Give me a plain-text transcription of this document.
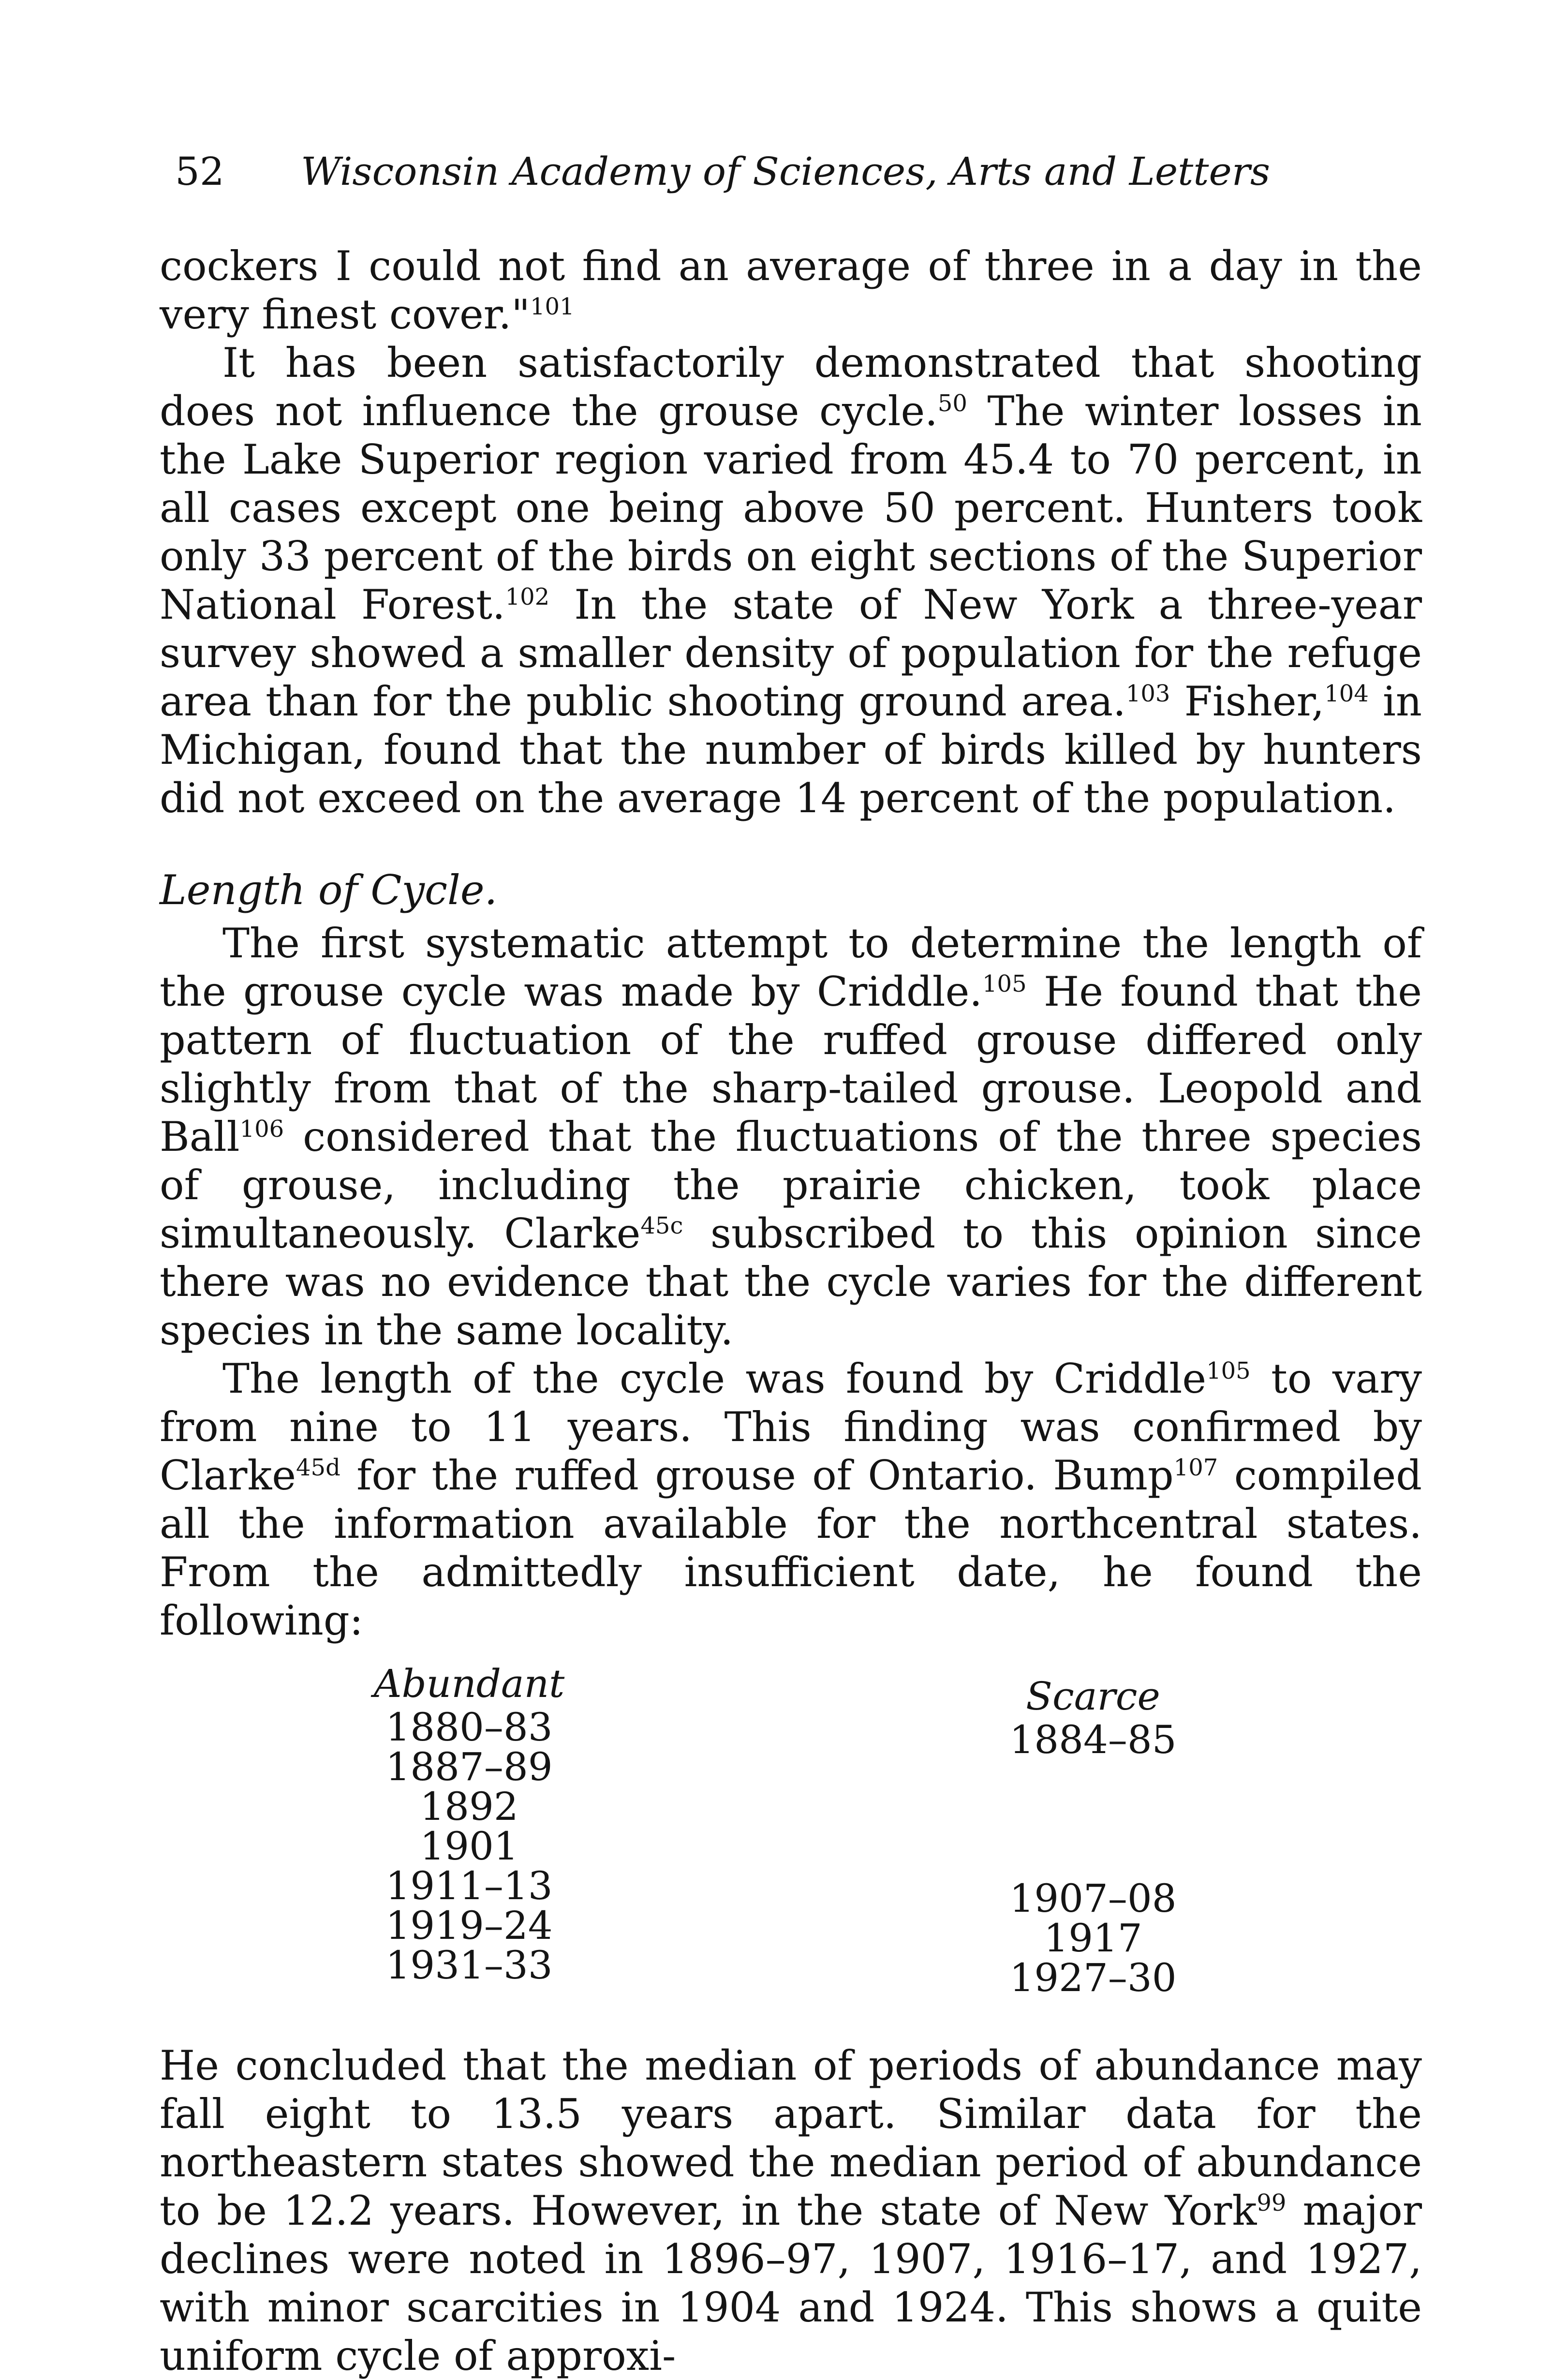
52 Wisconsin Academy of Sciences, Arts and Letters

cockers I could not find an average of three in a day in the very finest cover."$^{101}$

It has been satisfactorily demonstrated that shooting does not influence the grouse cycle.$^{50}$ The winter losses in the Lake Superior region varied from 45.4 to 70 percent, in all cases except one being above 50 percent. Hunters took only 33 percent of the birds on eight sections of the Superior National Forest.$^{102}$ In the state of New York a three-year survey showed a smaller density of population for the refuge area than for the public shooting ground area.$^{103}$ Fisher,$^{104}$ in Michigan, found that the number of birds killed by hunters did not exceed on the average 14 percent of the population.

Length of Cycle.

The first systematic attempt to determine the length of the grouse cycle was made by Criddle.$^{105}$ He found that the pattern of fluctuation of the ruffed grouse differed only slightly from that of the sharp-tailed grouse. Leopold and Ball$^{106}$ considered that the fluctuations of the three species of grouse, including the prairie chicken, took place simultaneously. Clarke$^{45c}$ subscribed to this opinion since there was no evidence that the cycle varies for the different species in the same locality.

The length of the cycle was found by Criddle$^{105}$ to vary from nine to 11 years. This finding was confirmed by Clarke$^{45d}$ for the ruffed grouse of Ontario. Bump$^{107}$ compiled all the information available for the northcentral states. From the admittedly insufficient date, he found the following:

Abundant
1880–83
1887–89
1892
1901
1911–13
1919–24
1931–33
Scarce
1884–85
1907–08
1917
1927–30

He concluded that the median of periods of abundance may fall eight to 13.5 years apart. Similar data for the northeastern states showed the median period of abundance to be 12.2 years. However, in the state of New York$^{99}$ major declines were noted in 1896–97, 1907, 1916–17, and 1927, with minor scarcities in 1904 and 1924. This shows a quite uniform cycle of approxi-
